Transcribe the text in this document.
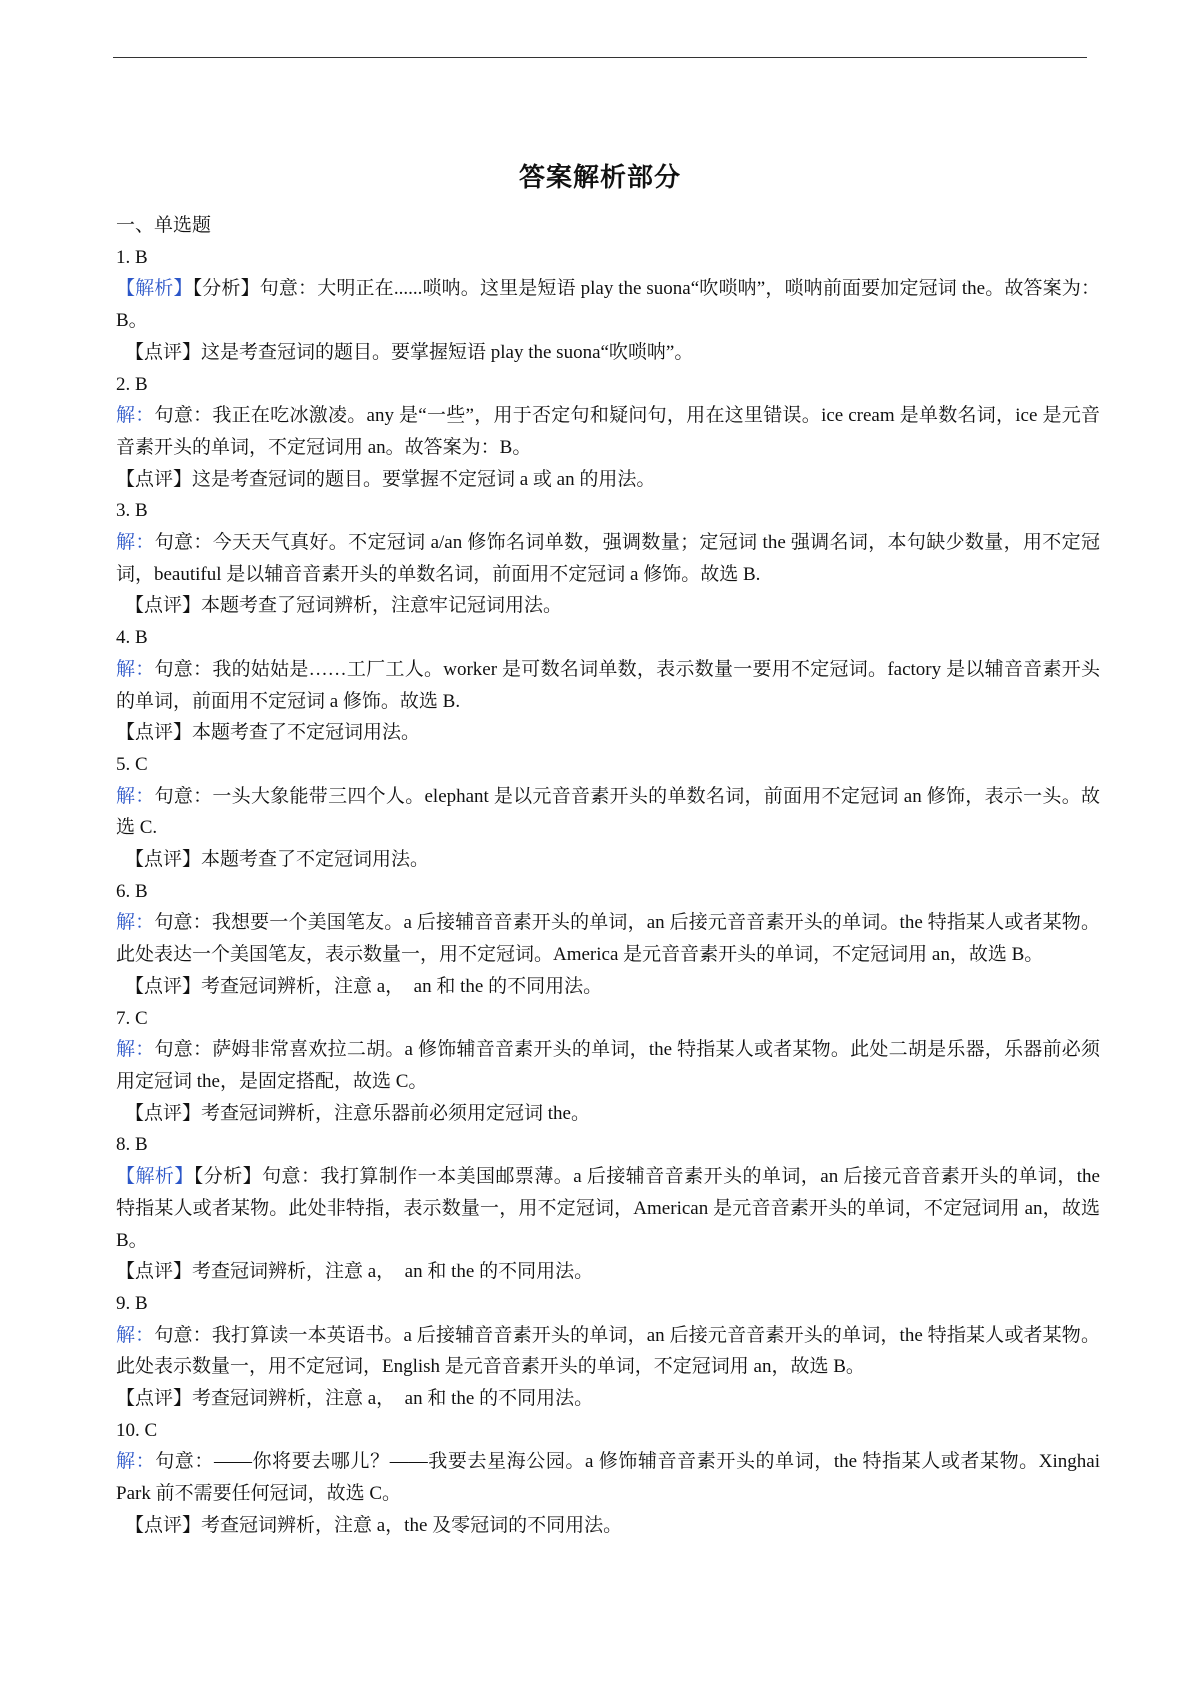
答案解析部分

一、单选题

1. B

【解析】【分析】句意：大明正在......唢呐。这里是短语 play the suona“吹唢呐”，唢呐前面要加定冠词 the。故答案为：B。

【点评】这是考查冠词的题目。要掌握短语 play the suona“吹唢呐”。

2. B

解：句意：我正在吃冰激凌。any 是“一些”，用于否定句和疑问句，用在这里错误。ice cream 是单数名词，ice 是元音音素开头的单词，不定冠词用 an。故答案为：B。

【点评】这是考查冠词的题目。要掌握不定冠词 a 或 an 的用法。

3. B

解：句意：今天天气真好。不定冠词 a/an 修饰名词单数，强调数量；定冠词 the 强调名词，本句缺少数量，用不定冠词，beautiful 是以辅音音素开头的单数名词，前面用不定冠词 a 修饰。故选 B.

【点评】本题考查了冠词辨析，注意牢记冠词用法。

4. B

解：句意：我的姑姑是……工厂工人。worker 是可数名词单数，表示数量一要用不定冠词。factory 是以辅音音素开头的单词，前面用不定冠词 a 修饰。故选 B.

【点评】本题考查了不定冠词用法。

5. C

解：句意：一头大象能带三四个人。elephant 是以元音音素开头的单数名词，前面用不定冠词 an 修饰，表示一头。故选 C.

【点评】本题考查了不定冠词用法。

6. B

解：句意：我想要一个美国笔友。a 后接辅音音素开头的单词，an 后接元音音素开头的单词。the 特指某人或者某物。此处表达一个美国笔友，表示数量一，用不定冠词。America 是元音音素开头的单词，不定冠词用 an，故选 B。

【点评】考查冠词辨析，注意 a，　an 和 the 的不同用法。

7. C

解：句意：萨姆非常喜欢拉二胡。a 修饰辅音音素开头的单词，the 特指某人或者某物。此处二胡是乐器，乐器前必须用定冠词 the，是固定搭配，故选 C。

【点评】考查冠词辨析，注意乐器前必须用定冠词 the。

8. B

【解析】【分析】句意：我打算制作一本美国邮票薄。a 后接辅音音素开头的单词，an 后接元音音素开头的单词，the 特指某人或者某物。此处非特指，表示数量一，用不定冠词，American 是元音音素开头的单词，不定冠词用 an，故选 B。

【点评】考查冠词辨析，注意 a，　an 和 the 的不同用法。

9. B

解：句意：我打算读一本英语书。a 后接辅音音素开头的单词，an 后接元音音素开头的单词，the 特指某人或者某物。此处表示数量一，用不定冠词，English 是元音音素开头的单词，不定冠词用 an，故选 B。

【点评】考查冠词辨析，注意 a，　an 和 the 的不同用法。

10. C

解：句意：——你将要去哪儿？——我要去星海公园。a 修饰辅音音素开头的单词，the 特指某人或者某物。Xinghai Park 前不需要任何冠词，故选 C。

【点评】考查冠词辨析，注意 a，the 及零冠词的不同用法。
